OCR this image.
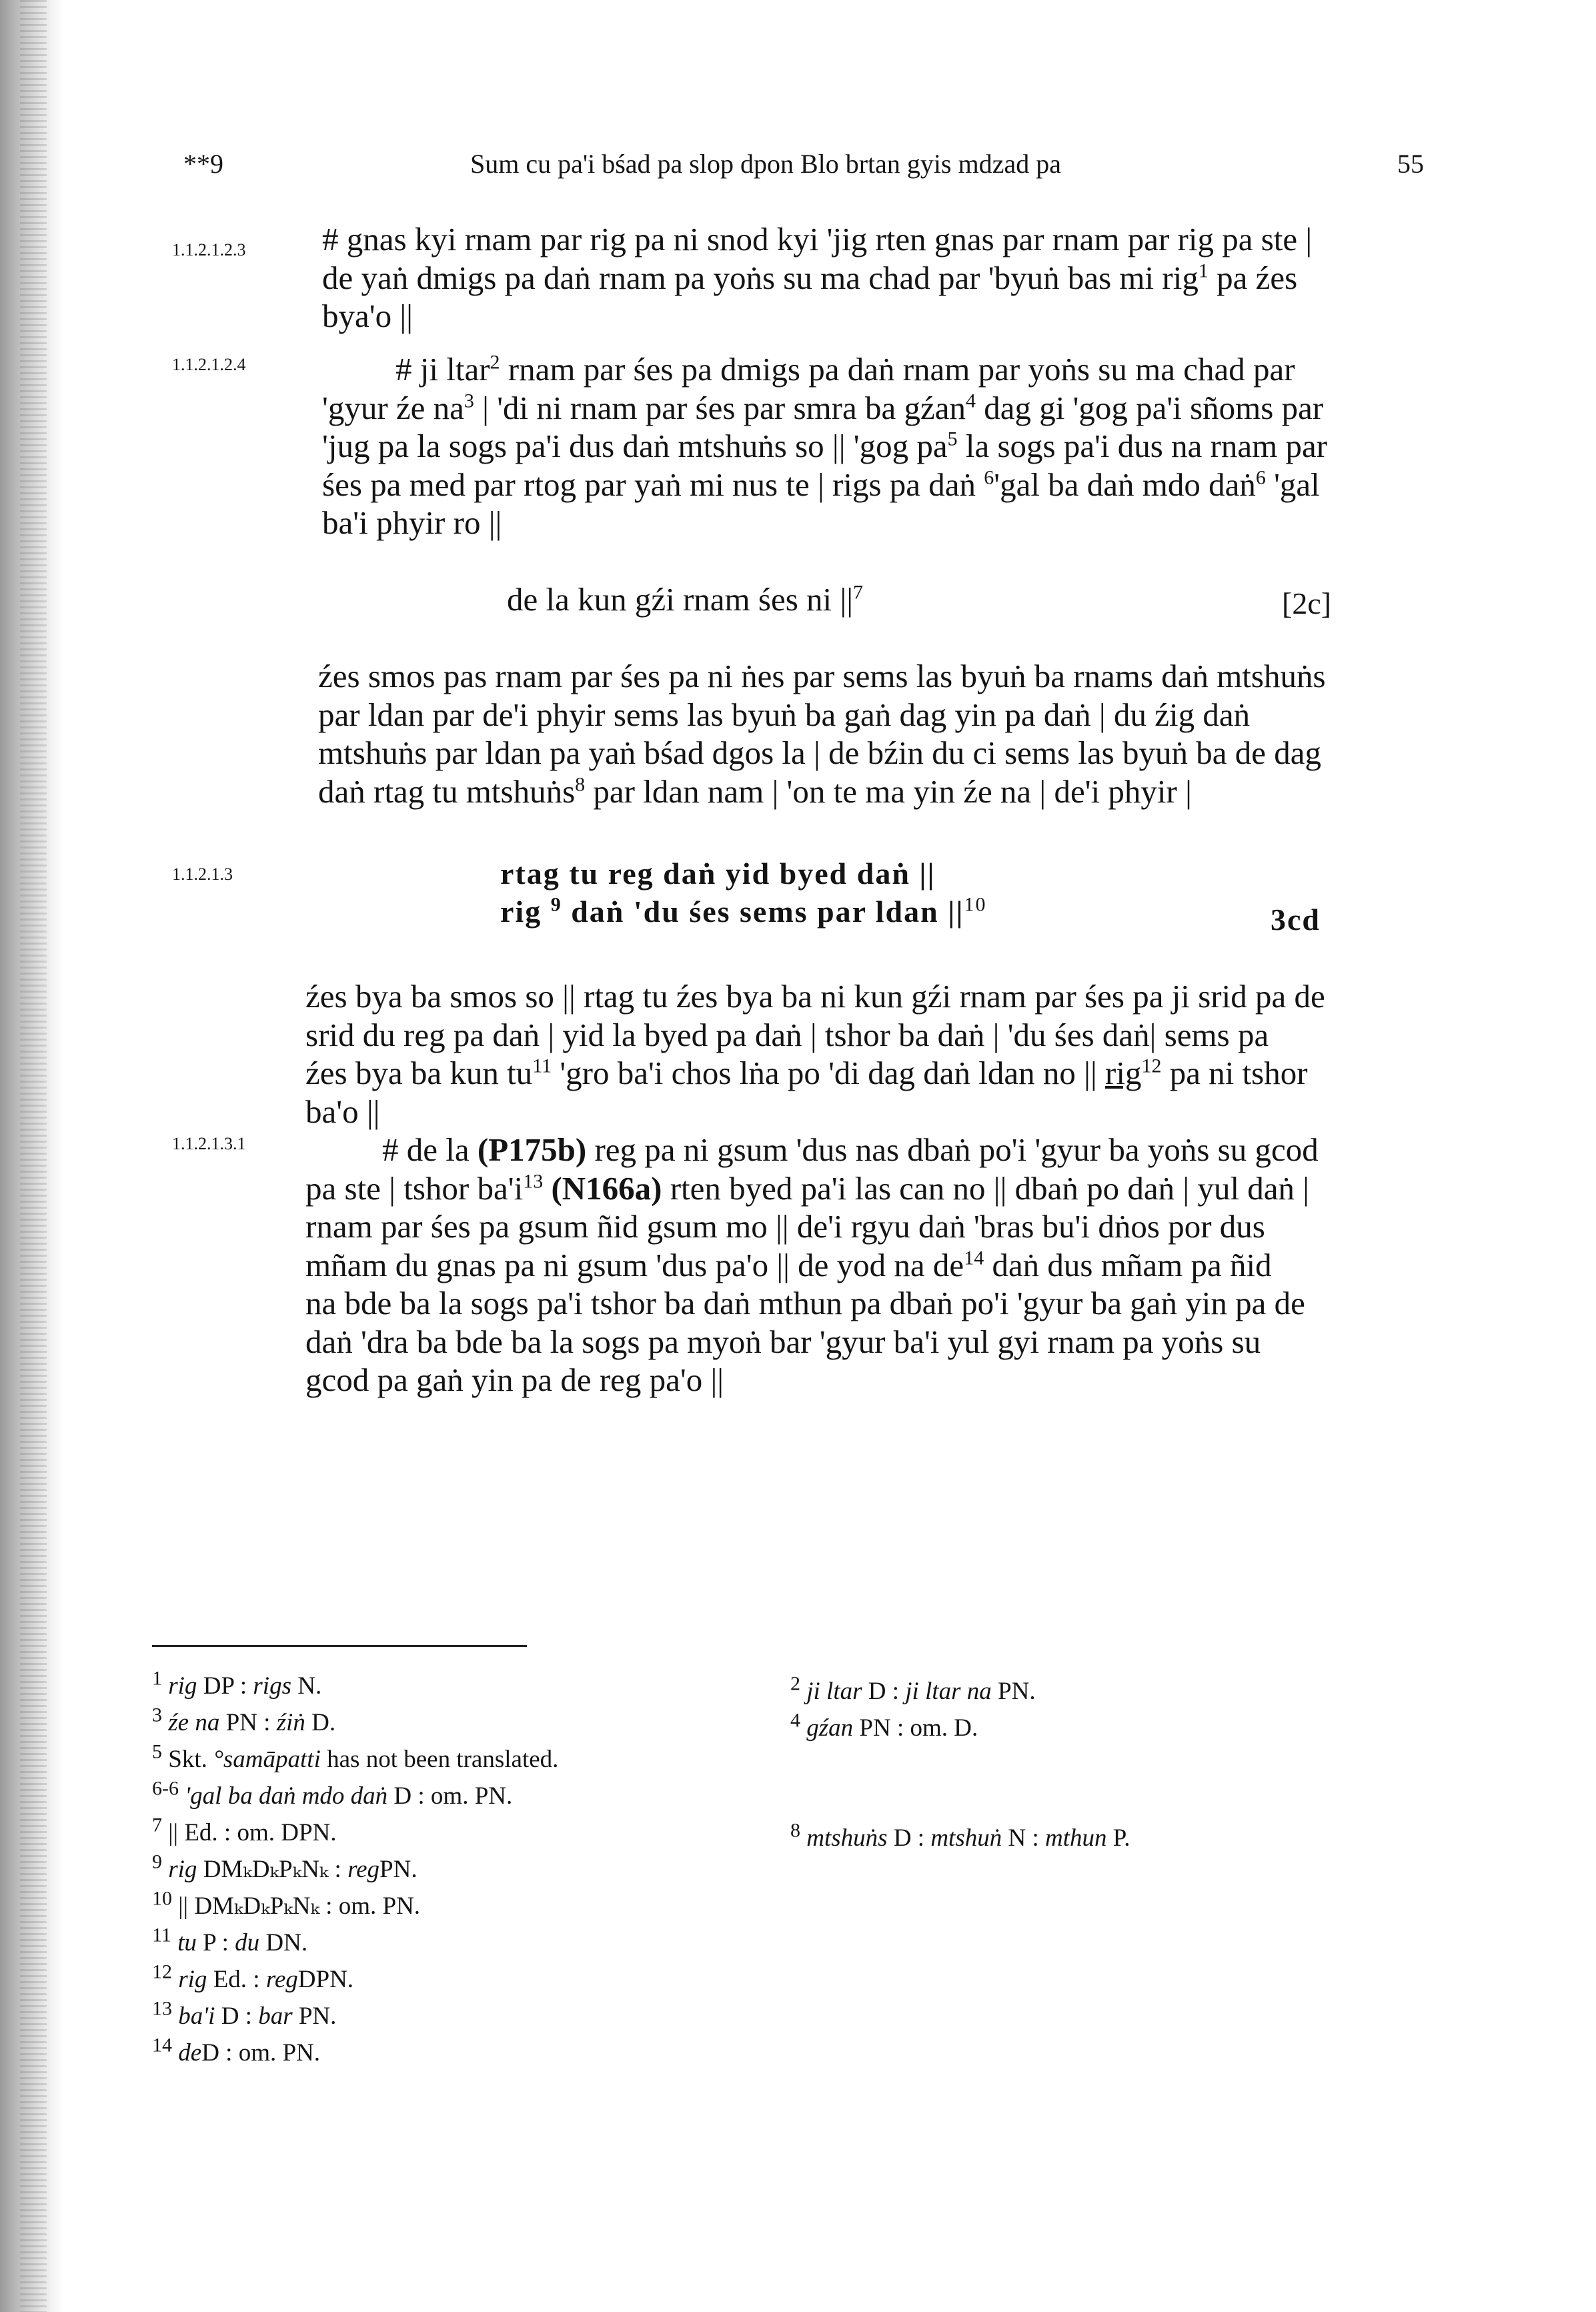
**9	Sum cu pa'i bśad pa slop dpon Blo brtan gyis mdzad pa	55
1.1.2.1.2.3
1.1.2.1.2.4
1.1.2.1.3
1.1.2.1.3.1
# gnas kyi rnam par rig pa ni snod kyi 'jig rten gnas par rnam par rig pa ste |
de yaṅ dmigs pa daṅ rnam pa yoṅs su ma chad par 'byuṅ bas mi rig$^1$ pa źes
bya'o ||
# ji ltar$^2$ rnam par śes pa dmigs pa daṅ rnam par yoṅs su ma chad par
'gyur źe $na^3$ | 'di ni rnam par śes par smra ba gźan$^4$ dag gi 'gog pa'i sñoms par
'jug pa la sogs pa'i dus daṅ mtshuṅs so || 'gog $pa^5$ la sogs pa'i dus na rnam par
śes pa med par rtog par yaṅ mi nus te | rigs pa daṅ $^6$'gal ba daṅ mdo daṅ$^6$ 'gal
ba'i phyir ro ||
de la kun gźi rnam śes ni $||^7$	[2c]
źes smos pas rnam par śes pa ni ṅes par sems las byuṅ ba rnams daṅ mtshuṅs
par ldan par de'i phyir sems las byuṅ ba gaṅ dag yin pa daṅ | du źig daṅ
mtshuṅs par ldan pa yaṅ bśad dgos la | de bźin du ci sems las byuṅ ba de dag
daṅ rtag tu mtshuṅs$^8$ par ldan nam | 'on te ma yin źe na | de'i phyir |
rtag tu reg daṅ yid byed daṅ ||
rig $^9$ daṅ 'du śes sems par ldan $||^{10}$	3cd
źes bya ba smos so || rtag tu źes bya ba ni kun gźi rnam par śes pa ji srid pa de
srid du reg pa daṅ | yid la byed pa daṅ | tshor ba daṅ | 'du śes daṅ| sems pa
źes bya ba kun $tu^{11}$ 'gro ba'i chos lṅa po 'di dag daṅ ldan no || rig$^{12}$ pa ni tshor
ba'o ||
# de la (P175b) reg pa ni gsum 'dus nas dbaṅ po'i 'gyur ba yoṅs su gcod
pa ste | tshor $ba'i^{13}$ (N166a) rten byed pa'i las can no || dbaṅ po daṅ | yul daṅ |
rnam par śes pa gsum ñid gsum mo || de'i rgyu daṅ 'bras bu'i dṅos por dus
mñam du gnas pa ni gsum 'dus pa'o || de yod na $de^{14}$ daṅ dus mñam pa ñid
na bde ba la sogs pa'i tshor ba daṅ mthun pa dbaṅ po'i 'gyur ba gaṅ yin pa de
daṅ 'dra ba bde ba la sogs pa myoṅ bar 'gyur ba'i yul gyi rnam pa yoṅs su
gcod pa gaṅ yin pa de reg pa'o ||
$^1$ rig DP : rigs N.
$^3$ źe na PN : źiṅ D.
$^5$ Skt. °samāpatti has not been translated.
$^{6-6}$ 'gal ba daṅ mdo daṅ D : om. PN.
$^7$ || Ed. : om. DPN.
$^9$ rig DMₖDₖPₖNₖ : regPN.
$^{10}$ || DMₖDₖPₖNₖ : om. PN.
$^{11}$ tu P : du DN.
$^{12}$ rig Ed. : regDPN.
$^{13}$ ba'i D : bar PN.
$^{14}$ deD : om. PN.
$^2$ ji ltar D : ji ltar na PN.
$^4$ gźan PN : om. D.
$^8$ mtshuṅs D : mtshuṅ N : mthun P.
